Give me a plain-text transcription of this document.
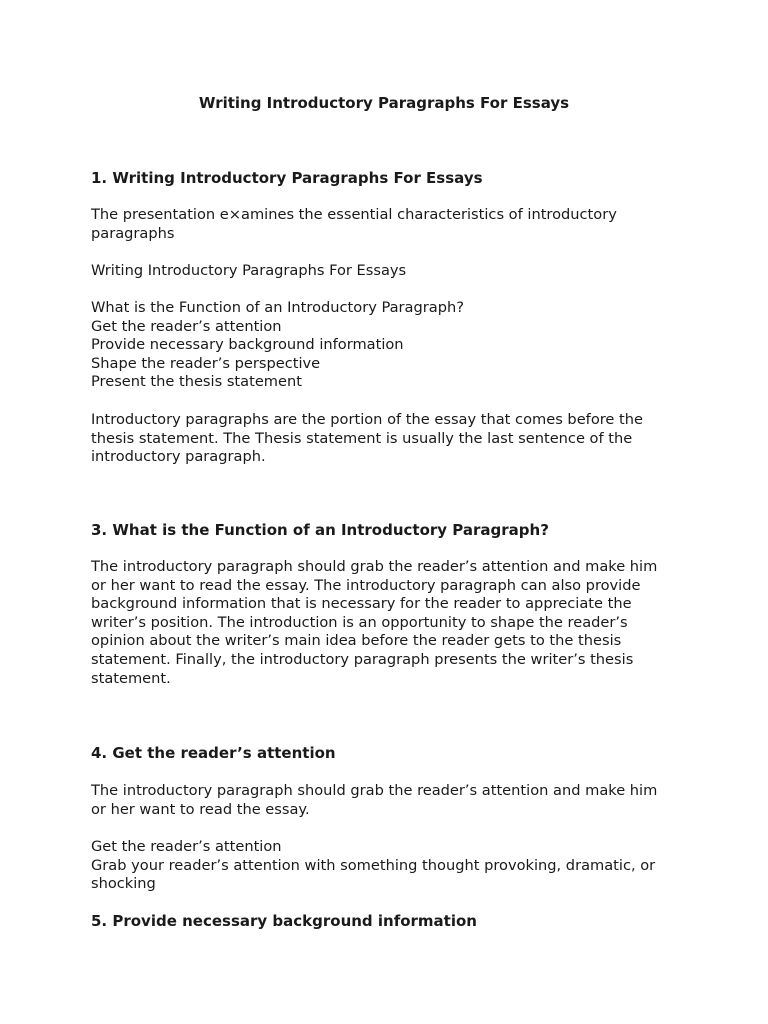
Writing Introductory Paragraphs For Essays
1. Writing Introductory Paragraphs For Essays

The presentation e×amines the essential characteristics of introductory
paragraphs

Writing Introductory Paragraphs For Essays

What is the Function of an Introductory Paragraph?
Get the reader’s attention
Provide necessary background information
Shape the reader’s perspective
Present the thesis statement

Introductory paragraphs are the portion of the essay that comes before the
thesis statement. The Thesis statement is usually the last sentence of the
introductory paragraph.

3. What is the Function of an Introductory Paragraph?

The introductory paragraph should grab the reader’s attention and make him
or her want to read the essay. The introductory paragraph can also provide
background information that is necessary for the reader to appreciate the
writer’s position. The introduction is an opportunity to shape the reader’s
opinion about the writer’s main idea before the reader gets to the thesis
statement. Finally, the introductory paragraph presents the writer’s thesis
statement.

4. Get the reader’s attention

The introductory paragraph should grab the reader’s attention and make him
or her want to read the essay.

Get the reader’s attention
Grab your reader’s attention with something thought provoking, dramatic, or
shocking

5. Provide necessary background information
